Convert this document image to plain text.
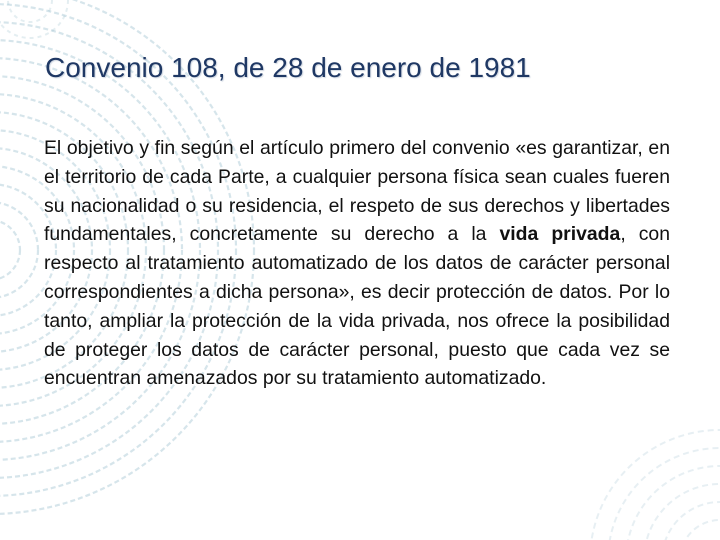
Convenio 108, de 28 de enero de 1981

El objetivo y fin según el artículo primero del convenio «es garantizar, en el territorio de cada Parte, a cualquier persona física sean cuales fueren su nacionalidad o su residencia, el respeto de sus derechos y libertades fundamentales, concretamente su derecho a la vida privada, con respecto al tratamiento automatizado de los datos de carácter personal correspondientes a dicha persona», es decir protección de datos. Por lo tanto, ampliar la protección de la vida privada, nos ofrece la posibilidad de proteger los datos de carácter personal, puesto que cada vez se encuentran amenazados por su tratamiento automatizado.
